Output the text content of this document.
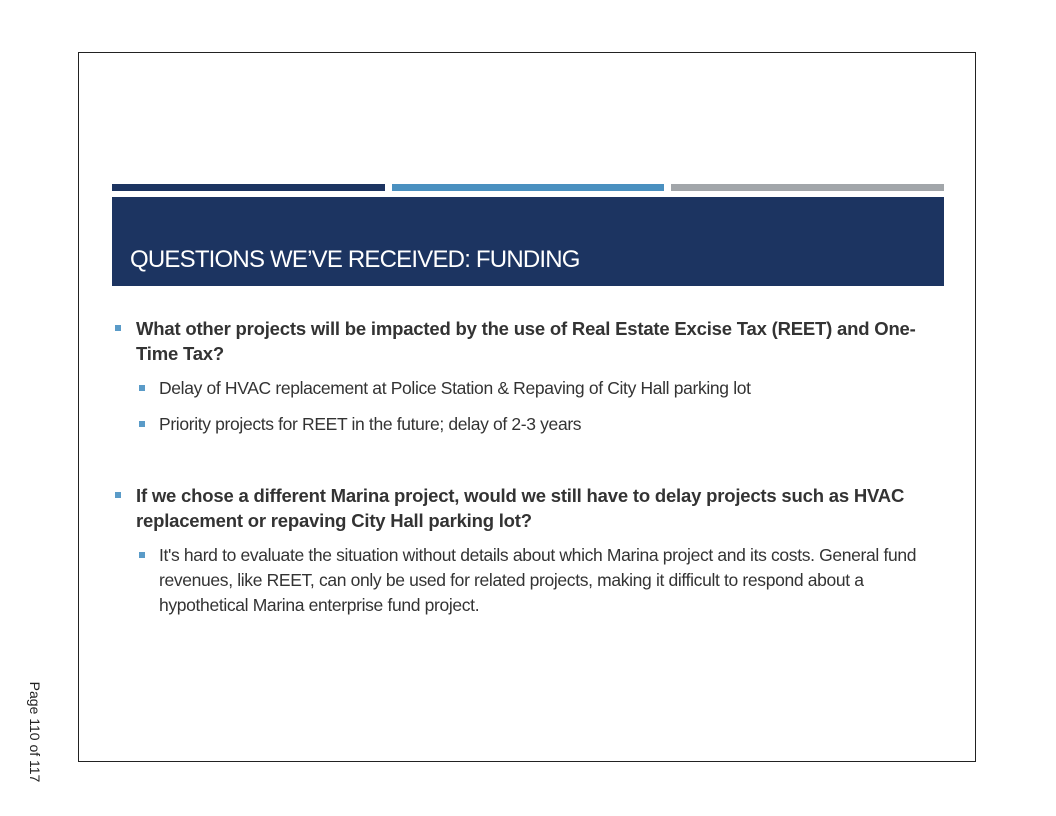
QUESTIONS WE’VE RECEIVED: FUNDING
What other projects will be impacted by the use of Real Estate Excise Tax (REET) and One-Time Tax?
Delay of HVAC replacement at Police Station & Repaving of City Hall parking lot
Priority projects for REET in the future; delay of 2-3 years
If we chose a different Marina project, would we still have to delay projects such as HVAC replacement or repaving City Hall parking lot?
It's hard to evaluate the situation without details about which Marina project and its costs. General fund revenues, like REET, can only be used for related projects, making it difficult to respond about a hypothetical Marina enterprise fund project.
Page 110 of 117
